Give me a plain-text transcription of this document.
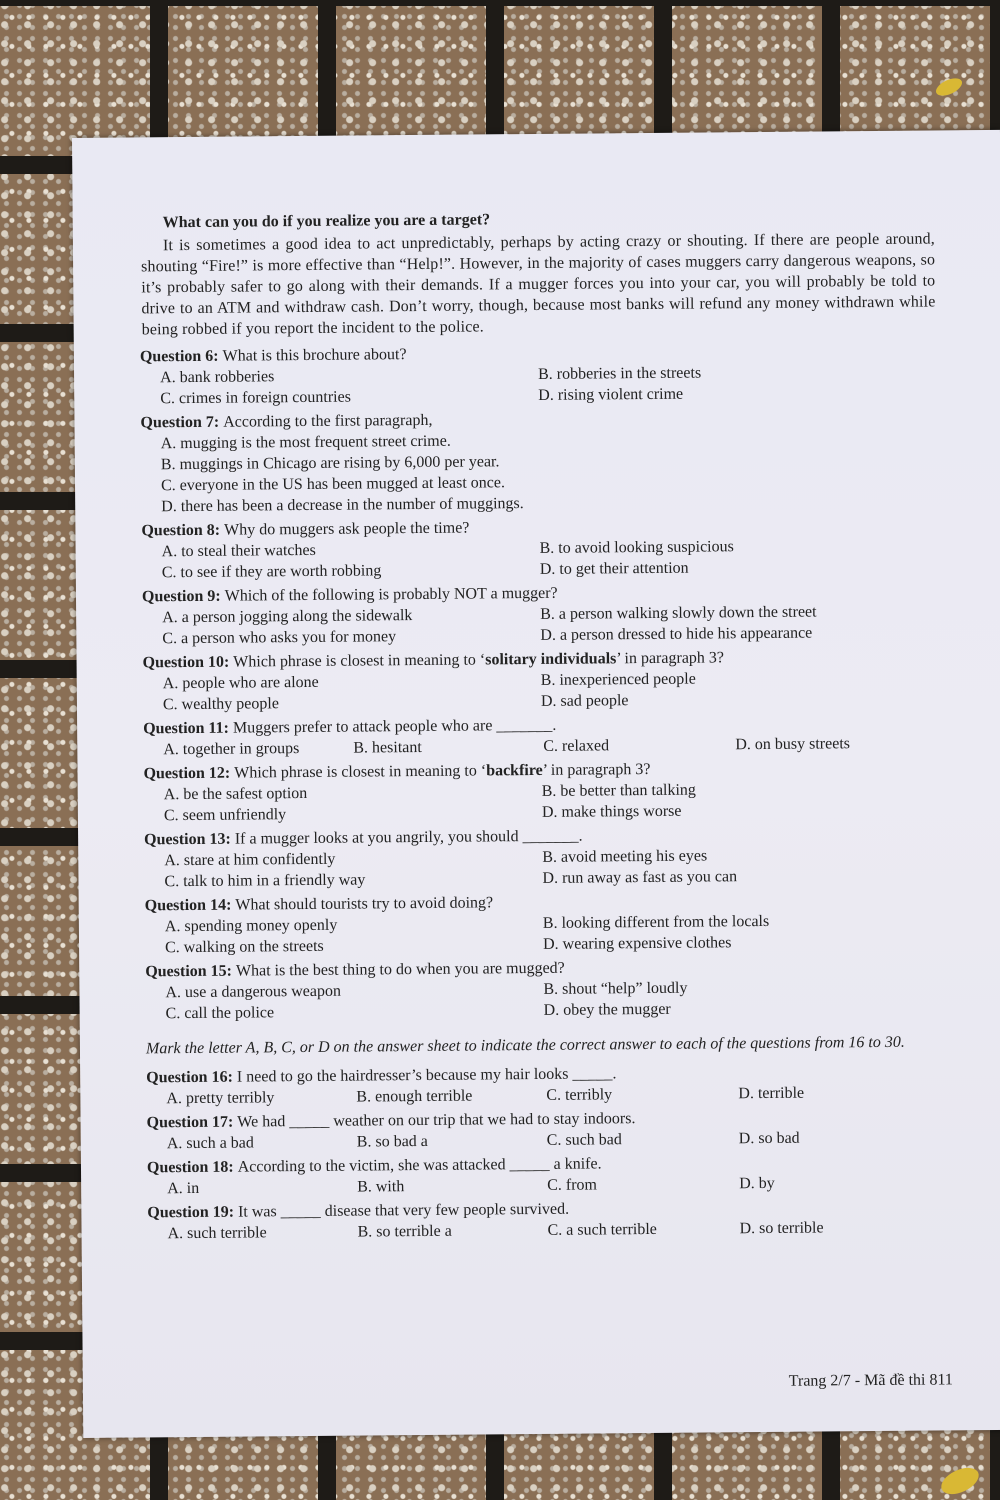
What can you do if you realize you are a target?
It is sometimes a good idea to act unpredictably, perhaps by acting crazy or shouting. If there are people around, shouting “Fire!” is more effective than “Help!”. However, in the majority of cases muggers carry dangerous weapons, so it’s probably safer to go along with their demands. If a mugger forces you into your car, you will probably be told to drive to an ATM and withdraw cash. Don’t worry, though, because most banks will refund any money withdrawn while being robbed if you report the incident to the police.
Question 6: What is this brochure about?
A. bank robberies	B. robberies in the streets
C. crimes in foreign countries	D. rising violent crime
Question 7: According to the first paragraph,
A. mugging is the most frequent street crime.
B. muggings in Chicago are rising by 6,000 per year.
C. everyone in the US has been mugged at least once.
D. there has been a decrease in the number of muggings.
Question 8: Why do muggers ask people the time?
A. to steal their watches	B. to avoid looking suspicious
C. to see if they are worth robbing	D. to get their attention
Question 9: Which of the following is probably NOT a mugger?
A. a person jogging along the sidewalk	B. a person walking slowly down the street
C. a person who asks you for money	D. a person dressed to hide his appearance
Question 10: Which phrase is closest in meaning to ‘solitary individuals’ in paragraph 3?
A. people who are alone	B. inexperienced people
C. wealthy people	D. sad people
Question 11: Muggers prefer to attack people who are _______.
A. together in groups	B. hesitant	C. relaxed	D. on busy streets
Question 12: Which phrase is closest in meaning to ‘backfire’ in paragraph 3?
A. be the safest option	B. be better than talking
C. seem unfriendly	D. make things worse
Question 13: If a mugger looks at you angrily, you should _______.
A. stare at him confidently	B. avoid meeting his eyes
C. talk to him in a friendly way	D. run away as fast as you can
Question 14: What should tourists try to avoid doing?
A. spending money openly	B. looking different from the locals
C. walking on the streets	D. wearing expensive clothes
Question 15: What is the best thing to do when you are mugged?
A. use a dangerous weapon	B. shout “help” loudly
C. call the police	D. obey the mugger
Mark the letter A, B, C, or D on the answer sheet to indicate the correct answer to each of the questions from 16 to 30.
Question 16: I need to go the hairdresser’s because my hair looks _____.
A. pretty terribly	B. enough terrible	C. terribly	D. terrible
Question 17: We had _____ weather on our trip that we had to stay indoors.
A. such a bad	B. so bad a	C. such bad	D. so bad
Question 18: According to the victim, she was attacked _____ a knife.
A. in	B. with	C. from	D. by
Question 19: It was _____ disease that very few people survived.
A. such terrible	B. so terrible a	C. a such terrible	D. so terrible
Trang 2/7 - Mã đề thi 811
